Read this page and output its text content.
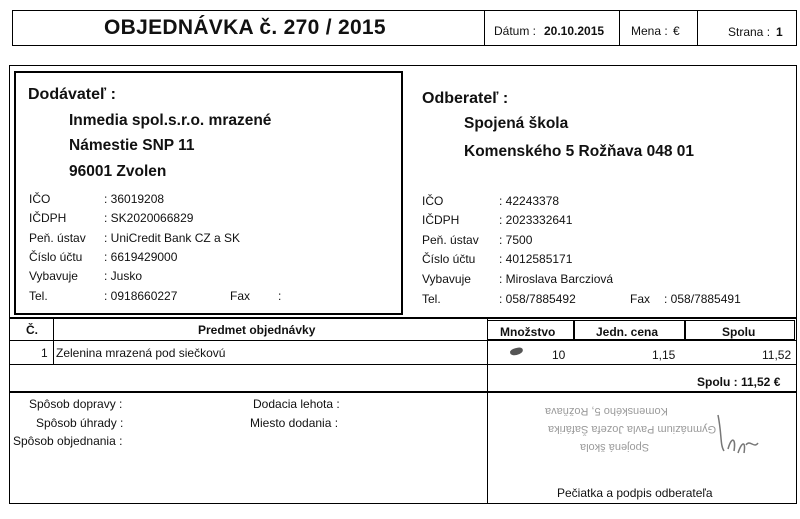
OBJEDNÁVKA č. 270 / 2015	Dátum : 20.10.2015 Mena : €	Strana : 1
Dodávateľ :
Inmedia spol.s.r.o. mrazené
Námestie SNP 11
96001 Zvolen
IČO	: 36019208
IČDPH	: SK2020066829
Peň. ústav : UniCredit Bank CZ a SK
Číslo účtu : 6619429000
Vybavuje : Jusko
Tel.	: 0918660227	Fax :
Odberateľ :
Spojená škola
Komenského 5 Rožňava 048 01
IČO	: 42243378
IČDPH	: 2023332641
Peň. ústav : 7500
Číslo účtu : 4012585171
Vybavuje : Miroslava Barcziová
Tel.	: 058/7885492	Fax : 058/7885491
Č.	Predmet objednávky	Množstvo	Jedn. cena	Spolu
1 Zelenina mrazená pod siečkovú	10	1,15	11,52
Spolu : 11,52 €
Spôsob dopravy :
Spôsob úhrady :
Spôsob objednania :
Dodacia lehota :
Miesto dodania :
Spojená škola
Gymnázium Pavla Jozefa Šafárika
Komenského 5, Rožňava
Pečiatka a podpis odberateľa
